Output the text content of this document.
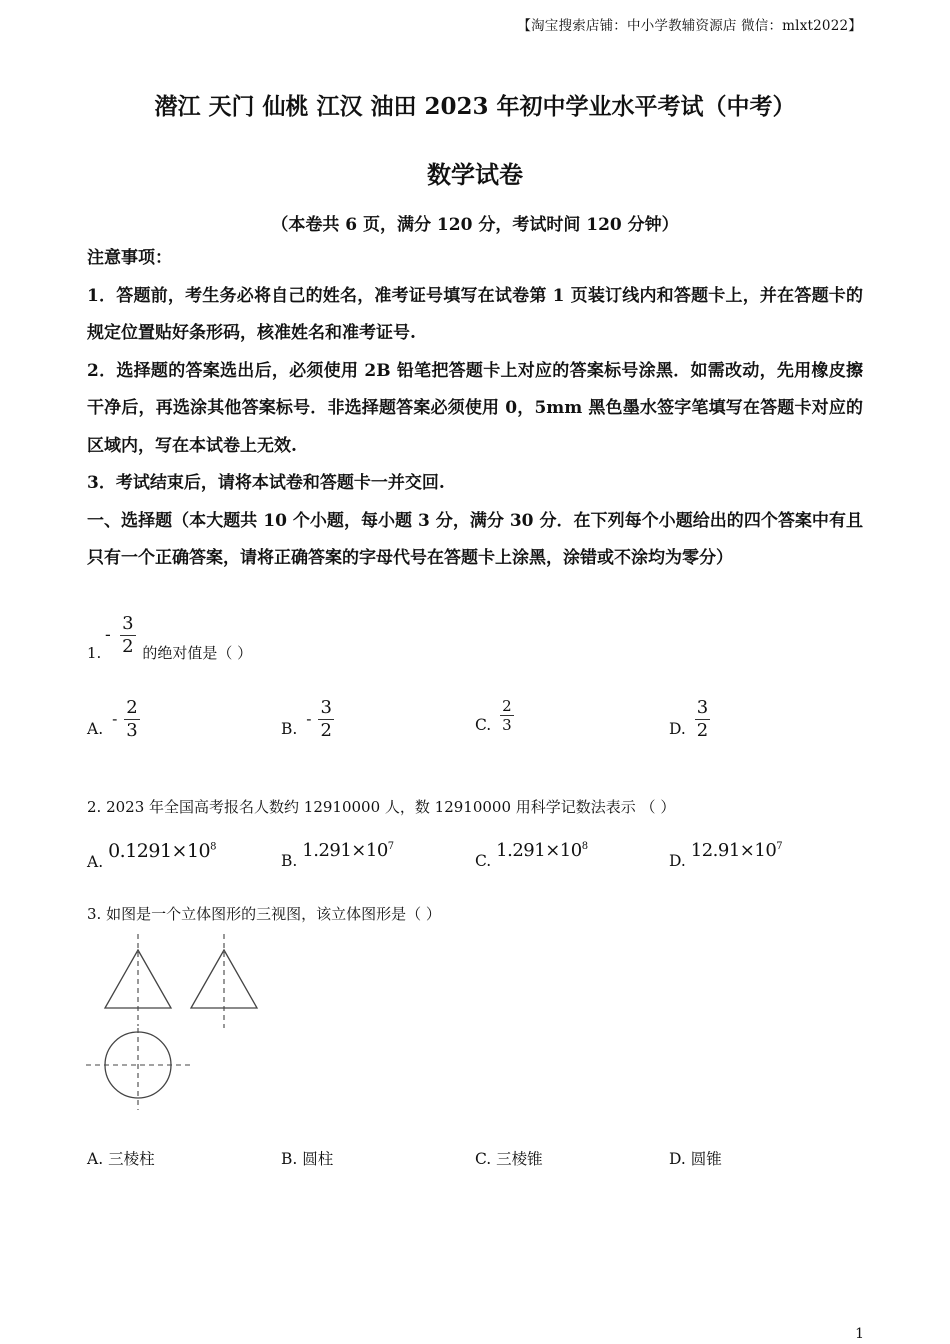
【淘宝搜索店铺：中小学教辅资源店 微信：mlxt2022】
潜江 天门 仙桃 江汉 油田 2023 年初中学业水平考试（中考）
数学试卷
（本卷共 6 页，满分 120 分，考试时间 120 分钟）
注意事项：
1．答题前，考生务必将自己的姓名，准考证号填写在试卷第 1 页装订线内和答题卡上，并在答题卡的规定位置贴好条形码，核准姓名和准考证号.
2．选择题的答案选出后，必须使用 2B 铅笔把答题卡上对应的答案标号涂黑．如需改动，先用橡皮擦干净后，再选涂其他答案标号．非选择题答案必须使用 0，5mm 黑色墨水签字笔填写在答题卡对应的区域内，写在本试卷上无效.
3．考试结束后，请将本试卷和答题卡一并交回.
一、选择题（本大题共 10 个小题，每小题 3 分，满分 30 分．在下列每个小题给出的四个答案中有且只有一个正确答案，请将正确答案的字母代号在答题卡上涂黑，涂错或不涂均为零分）
1.
- $\frac{3}{2}$ 的绝对值是（ ）
A. - $\frac{2}{3}$	B. - $\frac{3}{2}$	C. $\frac{2}{3}$	D. $\frac{3}{2}$
2. 2023 年全国高考报名人数约 12910000 人，数 12910000 用科学记数法表示 （ ）
A. $0.1291\times 10^8$
B. $1.291\times 10^7$
C. $1.291\times 10^8$
D. $12.91\times 10^7$
3. 如图是一个立体图形的三视图，该立体图形是（ ）
A. 三棱柱	B. 圆柱	C. 三棱锥	D. 圆锥
1
